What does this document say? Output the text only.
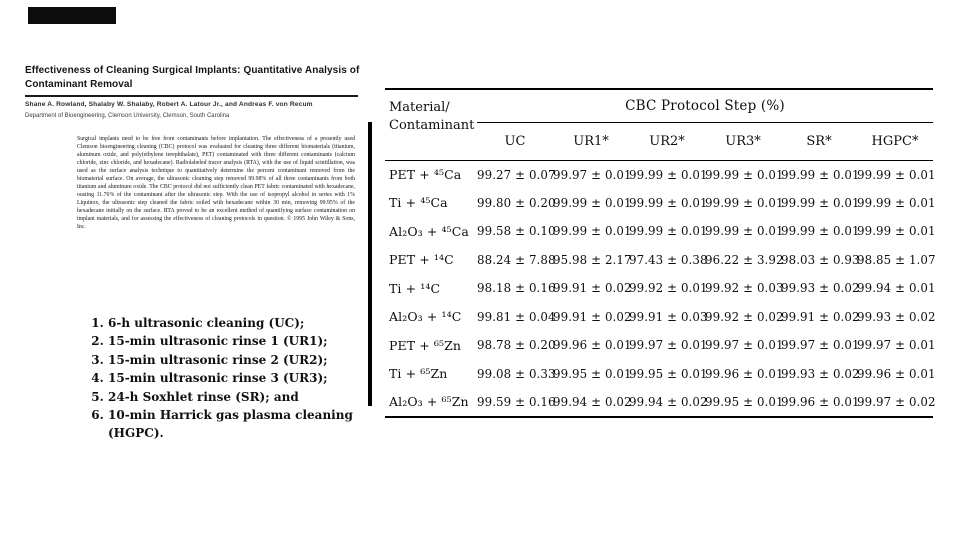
Effectiveness of Cleaning Surgical Implants: Quantitative Analysis of Contaminant Removal

Shane A. Rowland, Shalaby W. Shalaby, Robert A. Latour Jr., and Andreas F. von Recum

Department of Bioengineering, Clemson University, Clemson, South Carolina

Surgical implants need to be free from contaminants before implantation. The effectiveness of a presently used Clemson bioengineering cleaning (CBC) protocol was evaluated for cleaning three different biomaterials (titanium, aluminum oxide, and poly(ethylene terephthalate), PET) contaminated with three different contaminants (calcium chloride, zinc chloride, and hexadecane). Radiolabeled tracer analysis (RTA), with the use of liquid scintillation, was used as the surface analysis technique to quantitatively determine the percent contaminant removed from the biomaterial surface. On average, the ultrasonic cleaning step removed 99.98% of all three contaminants from both titanium and aluminum oxide. The CBC protocol did not sufficiently clean PET fabric contaminated with hexadecane, ousting 11.76% of the contaminant after the ultrasonic step. With the use of isopropyl alcohol in series with 1% Liquinox, the ultrasonic step cleaned the fabric soiled with hexadecane within 30 min, removing 99.95% of the hexadecane initially on the surface. RTA proved to be an excellent method of quantifying surface contamination on implant materials, and for assessing the effectiveness of cleaning protocols in question. © 1995 John Wiley & Sons, Inc.

1. 6-h ultrasonic cleaning (UC);
2. 15-min ultrasonic rinse 1 (UR1);
3. 15-min ultrasonic rinse 2 (UR2);
4. 15-min ultrasonic rinse 3 (UR3);
5. 24-h Soxhlet rinse (SR); and
6. 10-min Harrick gas plasma cleaning (HGPC).
Material/
Contaminant	CBC Protocol Step (%)					
	UC	UR1*	UR2*	UR3*	SR*	HGPC*
PET + ⁴⁵Ca	99.27 ± 0.07	99.97 ± 0.01	99.99 ± 0.01	99.99 ± 0.01	99.99 ± 0.01	99.99 ± 0.01
Ti + ⁴⁵Ca	99.80 ± 0.20	99.99 ± 0.01	99.99 ± 0.01	99.99 ± 0.01	99.99 ± 0.01	99.99 ± 0.01
Al₂O₃ + ⁴⁵Ca	99.58 ± 0.10	99.99 ± 0.01	99.99 ± 0.01	99.99 ± 0.01	99.99 ± 0.01	99.99 ± 0.01
PET + ¹⁴C	88.24 ± 7.88	95.98 ± 2.17	97.43 ± 0.38	96.22 ± 3.92	98.03 ± 0.93	98.85 ± 1.07
Ti + ¹⁴C	98.18 ± 0.16	99.91 ± 0.02	99.92 ± 0.01	99.92 ± 0.03	99.93 ± 0.02	99.94 ± 0.01
Al₂O₃ + ¹⁴C	99.81 ± 0.04	99.91 ± 0.02	99.91 ± 0.03	99.92 ± 0.02	99.91 ± 0.02	99.93 ± 0.02
PET + ⁶⁵Zn	98.78 ± 0.20	99.96 ± 0.01	99.97 ± 0.01	99.97 ± 0.01	99.97 ± 0.01	99.97 ± 0.01
Ti + ⁶⁵Zn	99.08 ± 0.33	99.95 ± 0.01	99.95 ± 0.01	99.96 ± 0.01	99.93 ± 0.02	99.96 ± 0.01
Al₂O₃ + ⁶⁵Zn	99.59 ± 0.16	99.94 ± 0.02	99.94 ± 0.02	99.95 ± 0.01	99.96 ± 0.01	99.97 ± 0.02
